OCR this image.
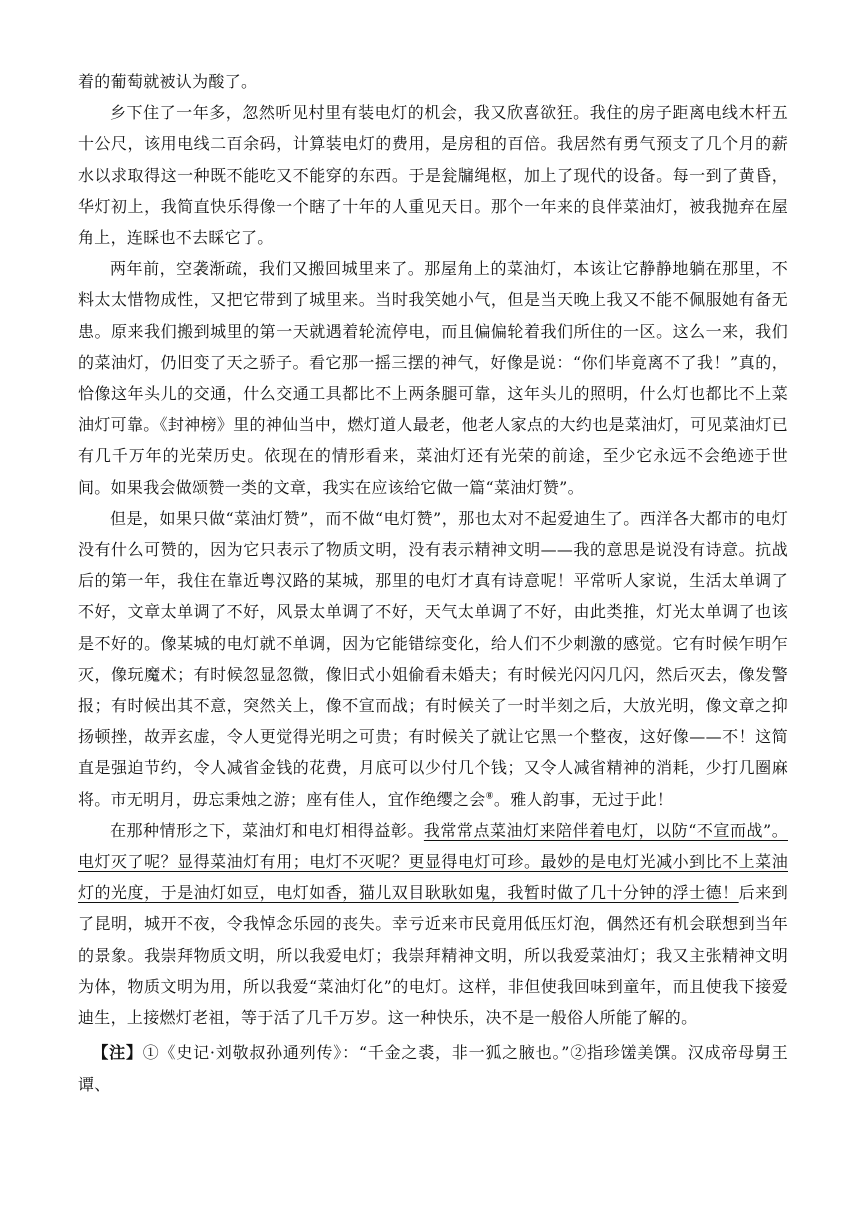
着的葡萄就被认为酸了。

乡下住了一年多，忽然听见村里有装电灯的机会，我又欣喜欲狂。我住的房子距离电线木杆五十公尺，该用电线二百余码，计算装电灯的费用，是房租的百倍。我居然有勇气预支了几个月的薪水以求取得这一种既不能吃又不能穿的东西。于是瓮牖绳枢，加上了现代的设备。每一到了黄昏，华灯初上，我简直快乐得像一个瞎了十年的人重见天日。那个一年来的良伴菜油灯，被我抛弃在屋角上，连睬也不去睬它了。

两年前，空袭渐疏，我们又搬回城里来了。那屋角上的菜油灯，本该让它静静地躺在那里，不料太太惜物成性，又把它带到了城里来。当时我笑她小气，但是当天晚上我又不能不佩服她有备无患。原来我们搬到城里的第一天就遇着轮流停电，而且偏偏轮着我们所住的一区。这么一来，我们的菜油灯，仍旧变了天之骄子。看它那一摇三摆的神气，好像是说：“你们毕竟离不了我！”真的，恰像这年头儿的交通，什么交通工具都比不上两条腿可靠，这年头儿的照明，什么灯也都比不上菜油灯可靠。《封神榜》里的神仙当中，燃灯道人最老，他老人家点的大约也是菜油灯，可见菜油灯已有几千万年的光荣历史。依现在的情形看来，菜油灯还有光荣的前途，至少它永远不会绝迹于世间。如果我会做颂赞一类的文章，我实在应该给它做一篇“菜油灯赞”。

但是，如果只做“菜油灯赞”，而不做“电灯赞”，那也太对不起爱迪生了。西洋各大都市的电灯没有什么可赞的，因为它只表示了物质文明，没有表示精神文明——我的意思是说没有诗意。抗战后的第一年，我住在靠近粤汉路的某城，那里的电灯才真有诗意呢！平常听人家说，生活太单调了不好，文章太单调了不好，风景太单调了不好，天气太单调了不好，由此类推，灯光太单调了也该是不好的。像某城的电灯就不单调，因为它能错综变化，给人们不少刺激的感觉。它有时候乍明乍灭，像玩魔术；有时候忽显忽微，像旧式小姐偷看未婚夫；有时候光闪闪几闪，然后灭去，像发警报；有时候出其不意，突然关上，像不宣而战；有时候关了一时半刻之后，大放光明，像文章之抑扬顿挫，故弄玄虚，令人更觉得光明之可贵；有时候关了就让它黑一个整夜，这好像——不！这简直是强迫节约，令人减省金钱的花费，月底可以少付几个钱；又令人减省精神的消耗，少打几圈麻将。市无明月，毋忘秉烛之游；座有佳人，宜作绝缨之会⑧。雅人韵事，无过于此！

在那种情形之下，菜油灯和电灯相得益彰。我常常点菜油灯来陪伴着电灯，以防“不宣而战”。电灯灭了呢？显得菜油灯有用；电灯不灭呢？更显得电灯可珍。最妙的是电灯光减小到比不上菜油灯的光度，于是油灯如豆，电灯如香，猫儿双目耿耿如鬼，我暂时做了几十分钟的浮士德！后来到了昆明，城开不夜，令我悼念乐园的丧失。幸亏近来市民竟用低压灯泡，偶然还有机会联想到当年的景象。我崇拜物质文明，所以我爱电灯；我崇拜精神文明，所以我爱菜油灯；我又主张精神文明为体，物质文明为用，所以我爱“菜油灯化”的电灯。这样，非但使我回味到童年，而且使我下接爱迪生，上接燃灯老祖，等于活了几千万岁。这一种快乐，决不是一般俗人所能了解的。

【注】①《史记·刘敬叔孙通列传》：“千金之裘，非一狐之腋也。”②指珍馐美馔。汉成帝母舅王谭、
